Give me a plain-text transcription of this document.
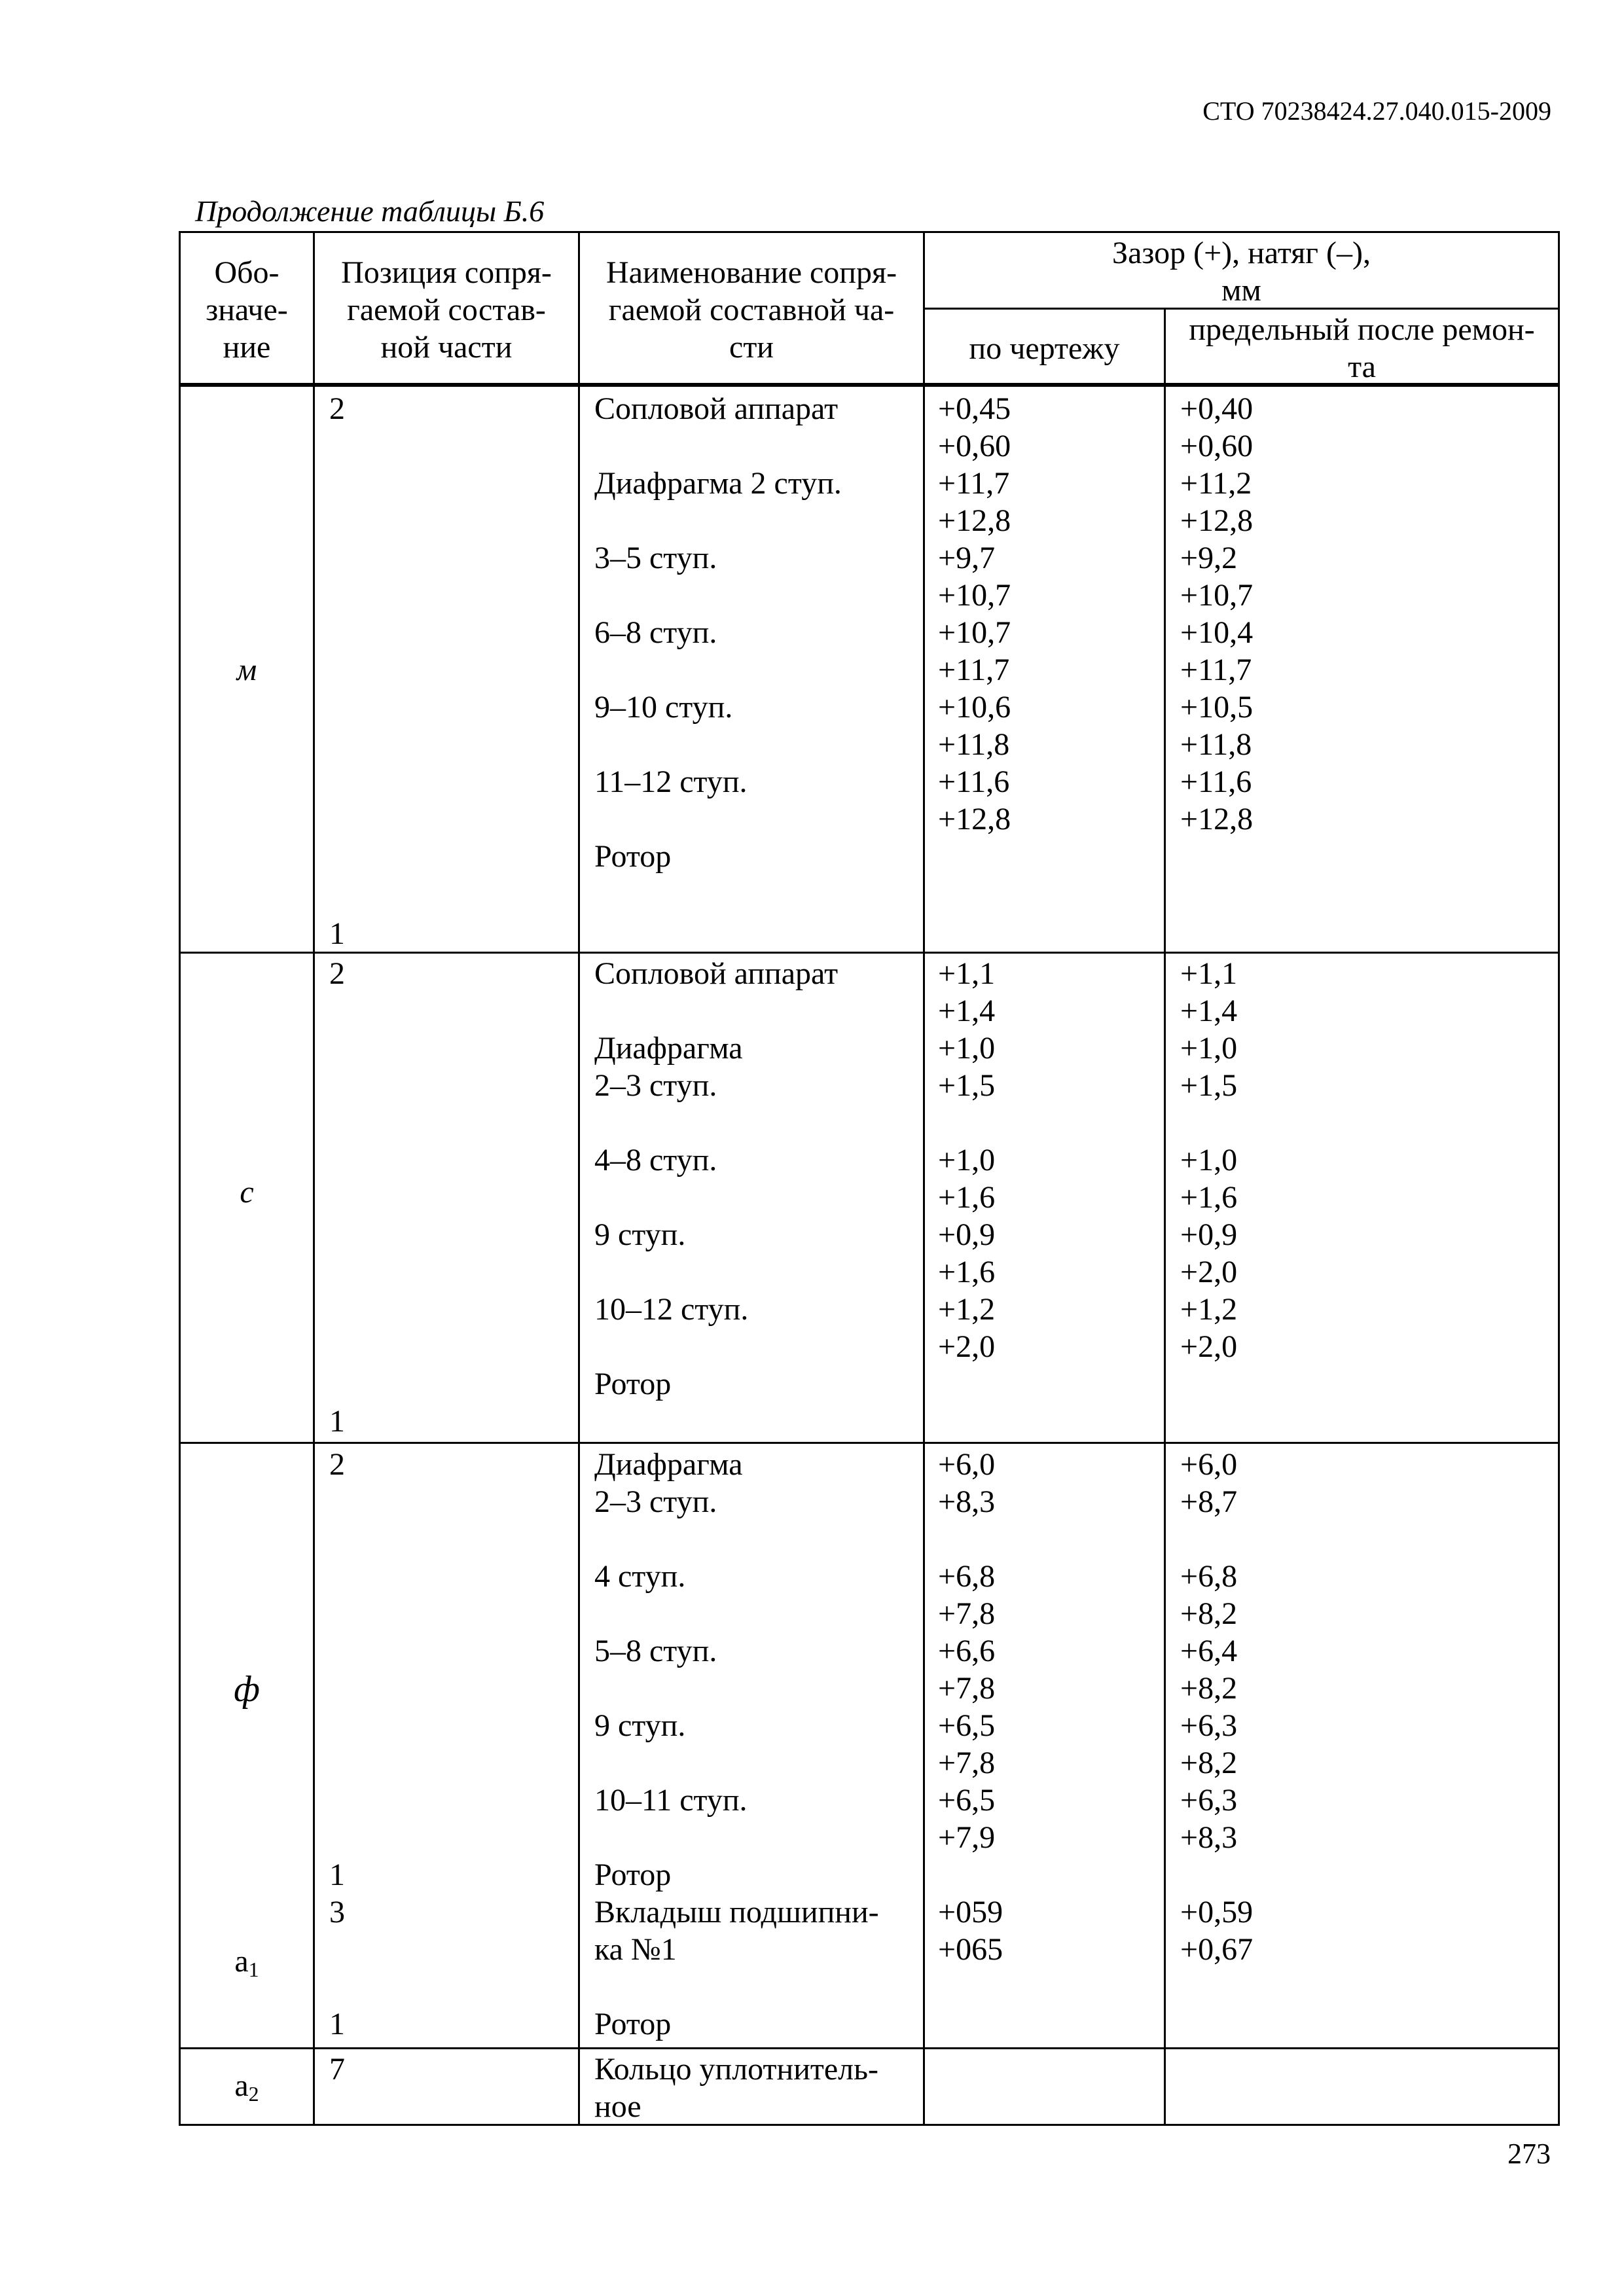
СТО 70238424.27.040.015-2009
Продолжение таблицы Б.6
Обо-
значе-
ние
Позиция сопря-
гаемой состав-
ной части
Наименование сопря-
гаемой составной ча-
сти
Зазор (+), натяг (–),
мм
по чертежу
предельный после ремон-
та
м
2
1
Сопловой аппарат

Диафрагма 2 ступ.

3–5 ступ.

6–8 ступ.

9–10 ступ.

11–12 ступ.

Ротор
+0,45
+0,60
+11,7
+12,8
+9,7
+10,7
+10,7
+11,7
+10,6
+11,8
+11,6
+12,8
+0,40
+0,60
+11,2
+12,8
+9,2
+10,7
+10,4
+11,7
+10,5
+11,8
+11,6
+12,8
с
2
1
Сопловой аппарат

Диафрагма
2–3 ступ.

4–8 ступ.

9 ступ.

10–12 ступ.

Ротор
+1,1
+1,4
+1,0
+1,5

+1,0
+1,6
+0,9
+1,6
+1,2
+2,0
+1,1
+1,4
+1,0
+1,5

+1,0
+1,6
+0,9
+2,0
+1,2
+2,0
ф
2

1
3

1
Диафрагма
2–3 ступ.

4 ступ.

5–8 ступ.

9 ступ.

10–11 ступ.

Ротор
Вкладыш подшипни-
ка №1

Ротор
+6,0
+8,3

+6,8
+7,8
+6,6
+7,8
+6,5
+7,8
+6,5
+7,9

+059
+065
+6,0
+8,7

+6,8
+8,2
+6,4
+8,2
+6,3
+8,2
+6,3
+8,3

+0,59
+0,67
$а_1$
$а_2$
7	Кольцо уплотнитель-
ное
273
